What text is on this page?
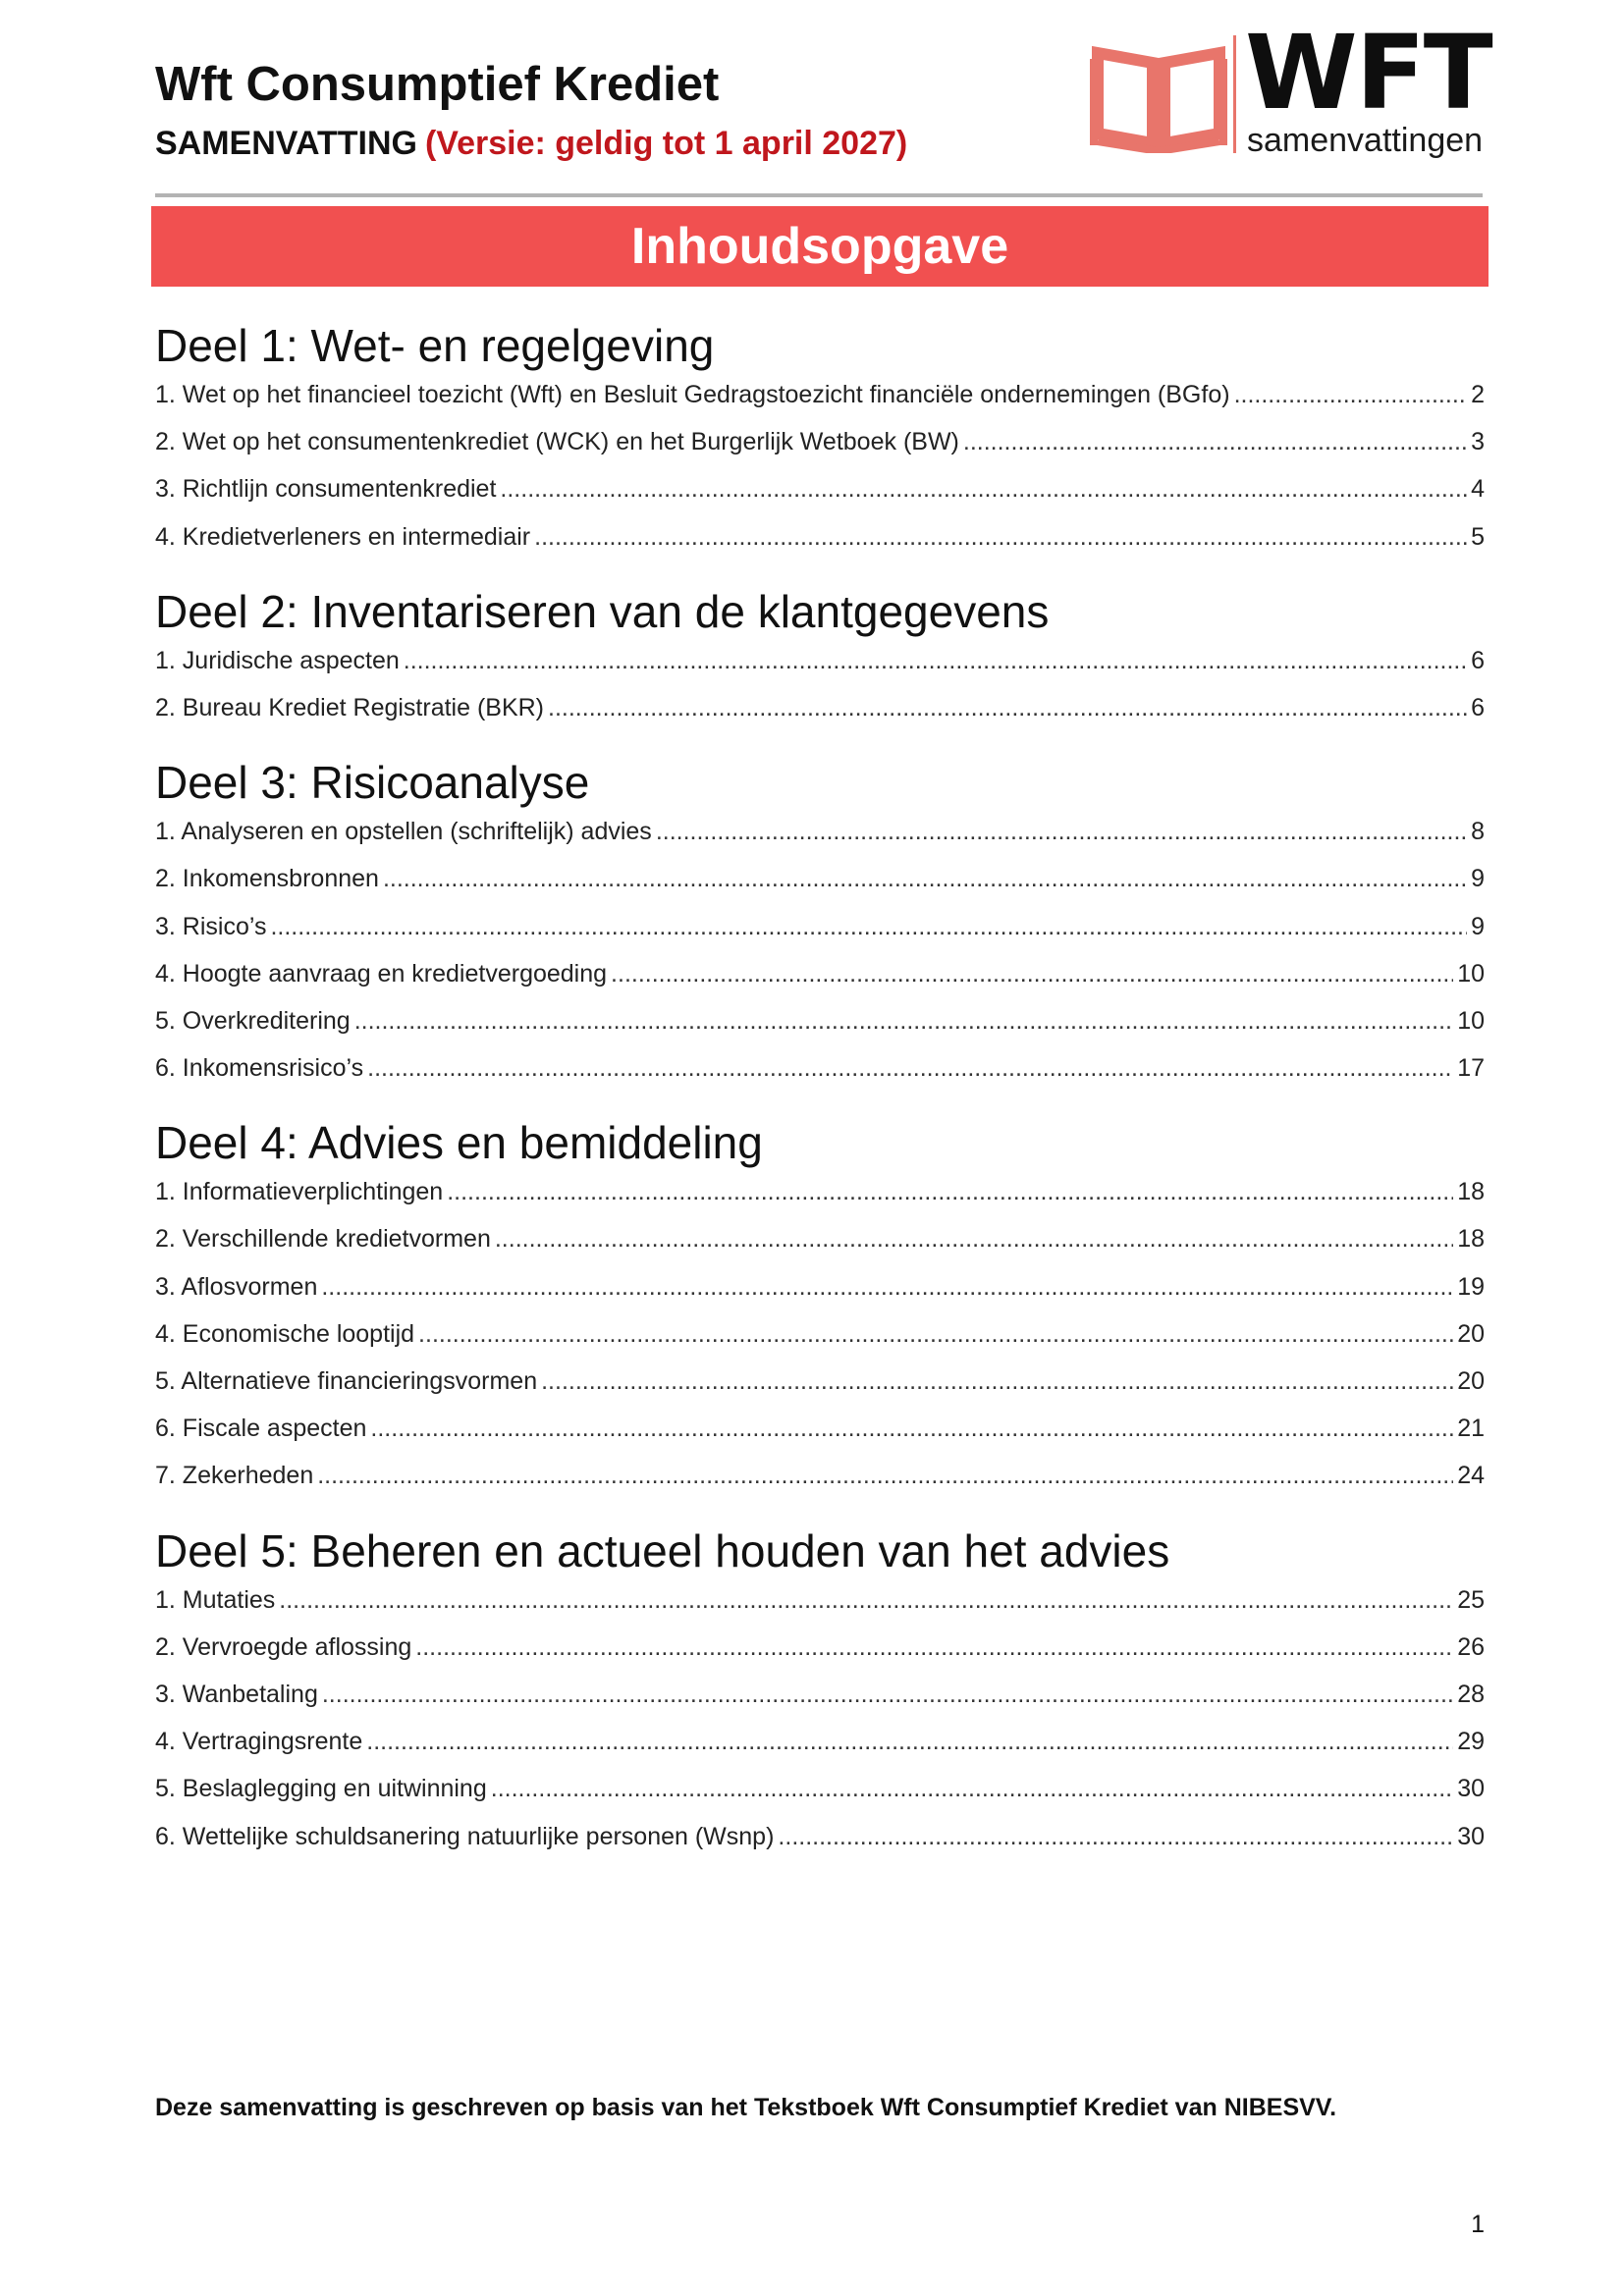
Wft Consumptief Krediet
SAMENVATTING (Versie: geldig tot 1 april 2027)
WFT
samenvattingen
Inhoudsopgave
Deel 1: Wet- en regelgeving
1. Wet op het financieel toezicht (Wft) en Besluit Gedragstoezicht financiële ondernemingen (BGfo) .....	2
2. Wet op het consumentenkrediet (WCK) en het Burgerlijk Wetboek (BW) .....	3
3. Richtlijn consumentenkrediet .....	4
4. Kredietverleners en intermediair .....	5
Deel 2: Inventariseren van de klantgegevens
1. Juridische aspecten .....	6
2. Bureau Krediet Registratie (BKR) .....	6
Deel 3: Risicoanalyse
1. Analyseren en opstellen (schriftelijk) advies .....	8
2. Inkomensbronnen .....	9
3. Risico’s .....	9
4. Hoogte aanvraag en kredietvergoeding .....	10
5. Overkreditering .....	10
6. Inkomensrisico’s .....	17
Deel 4: Advies en bemiddeling
1. Informatieverplichtingen .....	18
2. Verschillende kredietvormen .....	18
3. Aflosvormen .....	19
4. Economische looptijd .....	20
5. Alternatieve financieringsvormen .....	20
6. Fiscale aspecten .....	21
7. Zekerheden .....	24
Deel 5: Beheren en actueel houden van het advies
1. Mutaties .....	25
2. Vervroegde aflossing .....	26
3. Wanbetaling .....	28
4. Vertragingsrente .....	29
5. Beslaglegging en uitwinning .....	30
6. Wettelijke schuldsanering natuurlijke personen (Wsnp) .....	30
Deze samenvatting is geschreven op basis van het Tekstboek Wft Consumptief Krediet van NIBESVV.
1
